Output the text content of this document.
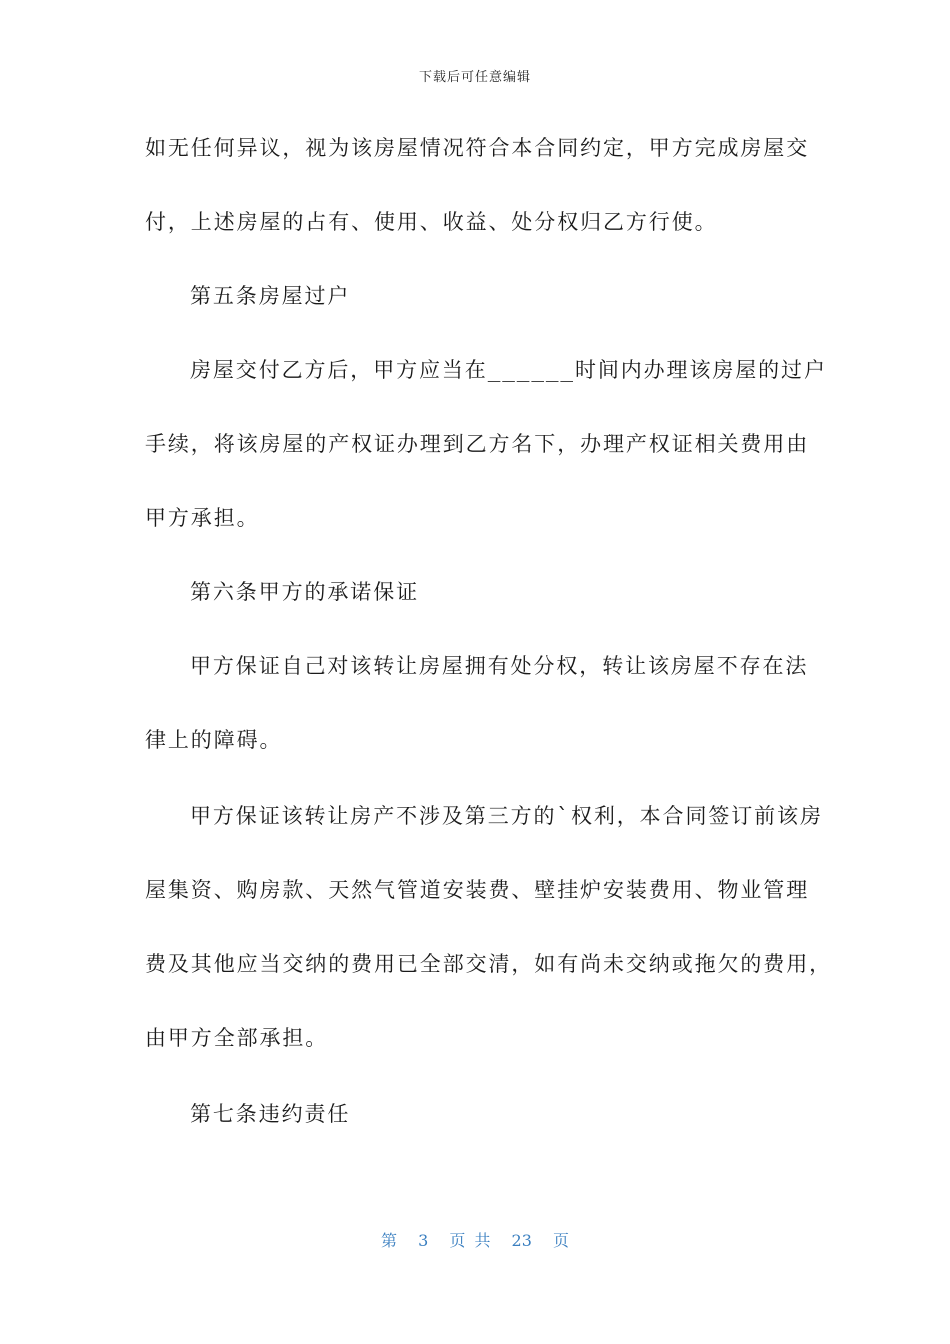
下载后可任意编辑
如无任何异议，视为该房屋情况符合本合同约定，甲方完成房屋交
付，上述房屋的占有、使用、收益、处分权归乙方行使。
第五条房屋过户
房屋交付乙方后，甲方应当在______时间内办理该房屋的过户
手续，将该房屋的产权证办理到乙方名下，办理产权证相关费用由
甲方承担。
第六条甲方的承诺保证
甲方保证自己对该转让房屋拥有处分权，转让该房屋不存在法
律上的障碍。
甲方保证该转让房产不涉及第三方的`权利，本合同签订前该房
屋集资、购房款、天然气管道安装费、壁挂炉安装费用、物业管理
费及其他应当交纳的费用已全部交清，如有尚未交纳或拖欠的费用，
由甲方全部承担。
第七条违约责任
第 3 页 共 23 页
